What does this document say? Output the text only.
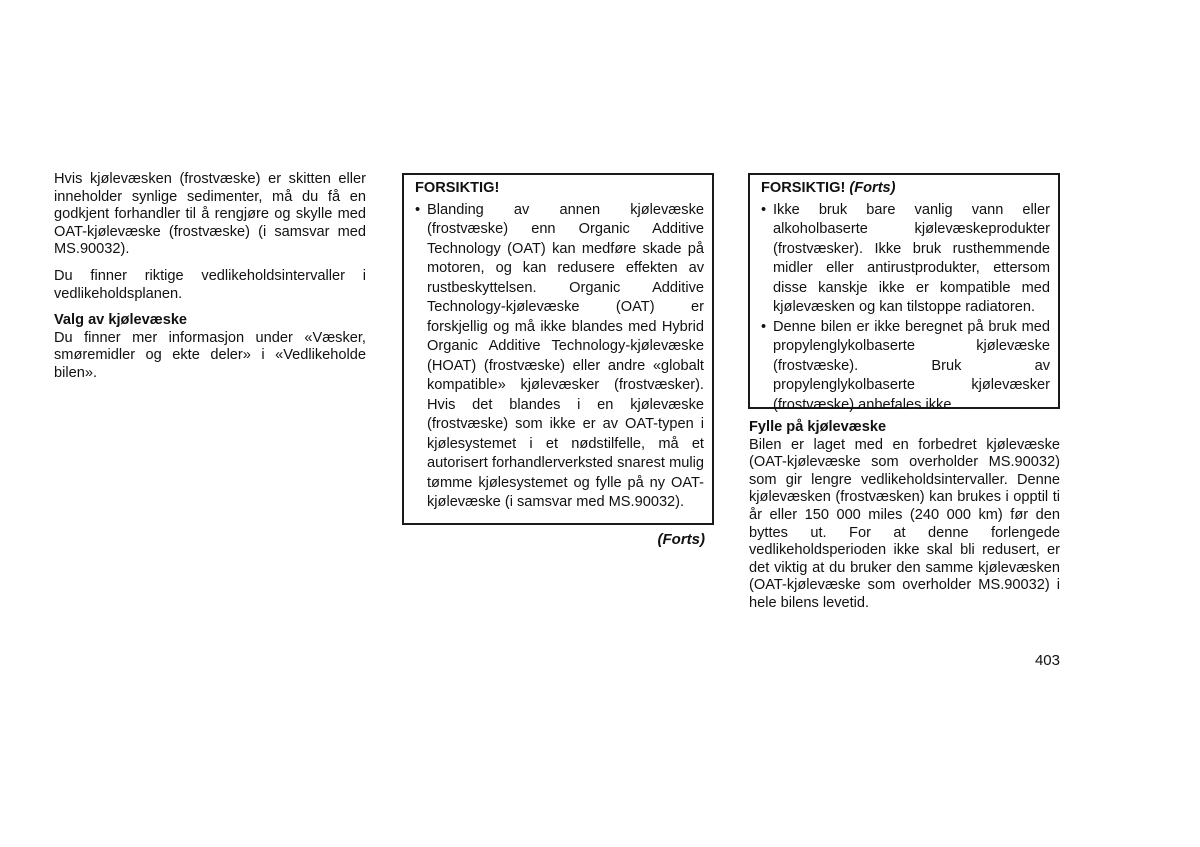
Hvis kjølevæsken (frostvæske) er skitten eller inneholder synlige sedimenter, må du få en godkjent forhandler til å rengjøre og skylle med OAT-kjølevæske (frostvæske) (i samsvar med MS.90032).

Du finner riktige vedlikeholdsintervaller i vedlikeholdsplanen.

Valg av kjølevæske

Du finner mer informasjon under «Væsker, smøremidler og ekte deler» i «Vedlikeholde bilen».

FORSIKTIG!
• Blanding av annen kjølevæske (frostvæske) enn Organic Additive Technology (OAT) kan medføre skade på motoren, og kan redusere effekten av rustbeskyttelsen. Organic Additive Technology-kjølevæske (OAT) er forskjellig og må ikke blandes med Hybrid Organic Additive Technology-kjølevæske (HOAT) (frostvæske) eller andre «globalt kompatible» kjølevæsker (frostvæsker). Hvis det blandes i en kjølevæske (frostvæske) som ikke er av OAT-typen i kjølesystemet i et nødstilfelle, må et autorisert forhandlerverksted snarest mulig tømme kjølesystemet og fylle på ny OAT-kjølevæske (i samsvar med MS.90032).
(Forts)
FORSIKTIG! (Forts)
• Ikke bruk bare vanlig vann eller alkoholbaserte kjølevæskeprodukter (frostvæsker). Ikke bruk rusthemmende midler eller antirustprodukter, ettersom disse kanskje ikke er kompatible med kjølevæsken og kan tilstoppe radiatoren.
• Denne bilen er ikke beregnet på bruk med propylenglykolbaserte kjølevæske (frostvæske). Bruk av propylenglykolbaserte kjølevæsker (frostvæske) anbefales ikke.
Fylle på kjølevæske

Bilen er laget med en forbedret kjølevæske (OAT-kjølevæske som overholder MS.90032) som gir lengre vedlikeholdsintervaller. Denne kjølevæsken (frostvæsken) kan brukes i opptil ti år eller 150 000 miles (240 000 km) før den byttes ut. For at denne forlengede vedlikeholdsperioden ikke skal bli redusert, er det viktig at du bruker den samme kjølevæsken (OAT-kjølevæske som overholder MS.90032) i hele bilens levetid.

403
